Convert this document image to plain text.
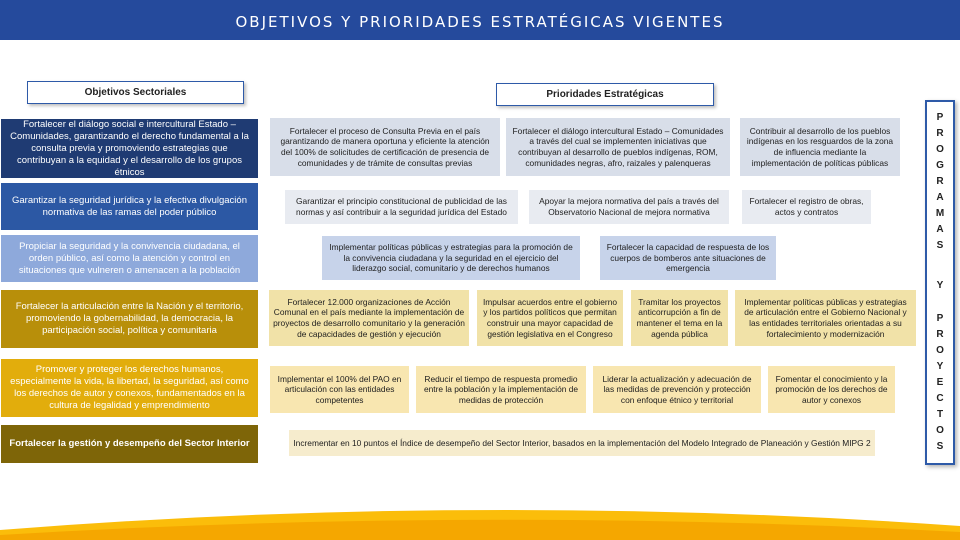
OBJETIVOS Y PRIORIDADES ESTRATÉGICAS VIGENTES
Objetivos Sectoriales	Prioridades Estratégicas
Fortalecer el diálogo social e intercultural Estado – Comunidades, garantizando el derecho fundamental a la consulta previa y promoviendo estrategias que contribuyan a la equidad y el desarrollo de los grupos étnicos
Garantizar la seguridad jurídica y la efectiva divulgación normativa de las ramas del poder público
Propiciar la seguridad y la convivencia ciudadana, el orden público, así como la atención y control en situaciones que vulneren o amenacen a la población
Fortalecer la articulación entre la Nación y el territorio, promoviendo la gobernabilidad, la democracia, la participación social, política y comunitaria
Promover y proteger los derechos humanos, especialmente la vida, la libertad, la seguridad, así como los derechos de autor y conexos, fundamentados en la cultura de legalidad y emprendimiento
Fortalecer la gestión y desempeño del Sector Interior
Fortalecer el proceso de Consulta Previa en el país garantizando de manera oportuna y eficiente la atención del 100% de solicitudes de certificación de presencia de comunidades y de trámite de consultas previas
Fortalecer el diálogo intercultural Estado – Comunidades a través del cual se implementen iniciativas que contribuyan al desarrollo de pueblos indígenas, ROM, comunidades negras, afro, raizales y palenqueras
Contribuir al desarrollo de los pueblos indígenas en los resguardos de la zona de influencia mediante la implementación de políticas públicas
Garantizar el principio constitucional de publicidad de las normas y así contribuir a la seguridad jurídica del Estado
Apoyar la mejora normativa del país a través del Observatorio Nacional de mejora normativa
Fortalecer el registro de obras, actos y contratos
Implementar políticas públicas y estrategias para la promoción de la convivencia ciudadana y la seguridad en el ejercicio del liderazgo social, comunitario y de derechos humanos
Fortalecer la capacidad de respuesta de los cuerpos de bomberos ante situaciones de emergencia
Fortalecer 12.000 organizaciones de Acción Comunal en el país mediante la implementación de proyectos de desarrollo comunitario y la generación de capacidades de gestión y ejecución
Impulsar acuerdos entre el gobierno y los partidos políticos que permitan construir una mayor capacidad de gestión legislativa en el Congreso
Tramitar los proyectos anticorrupción a fin de mantener el tema en la agenda pública
Implementar políticas públicas y estrategias de articulación entre el Gobierno Nacional y las entidades territoriales orientadas a su fortalecimiento y modernización
Implementar el 100% del PAO en articulación con las entidades competentes
Reducir el tiempo de respuesta promedio entre la población y la implementación de medidas de protección
Liderar la actualización y adecuación de las medidas de prevención y protección con enfoque étnico y territorial
Fomentar el conocimiento y la promoción de los derechos de autor y conexos
Incrementar en 10 puntos el Índice de desempeño del Sector Interior, basados en la implementación del Modelo Integrado de Planeación y Gestión MIPG 2
P
R
O
G
R
A
M
A
S
Y
P
R
O
Y
E
C
T
O
S
